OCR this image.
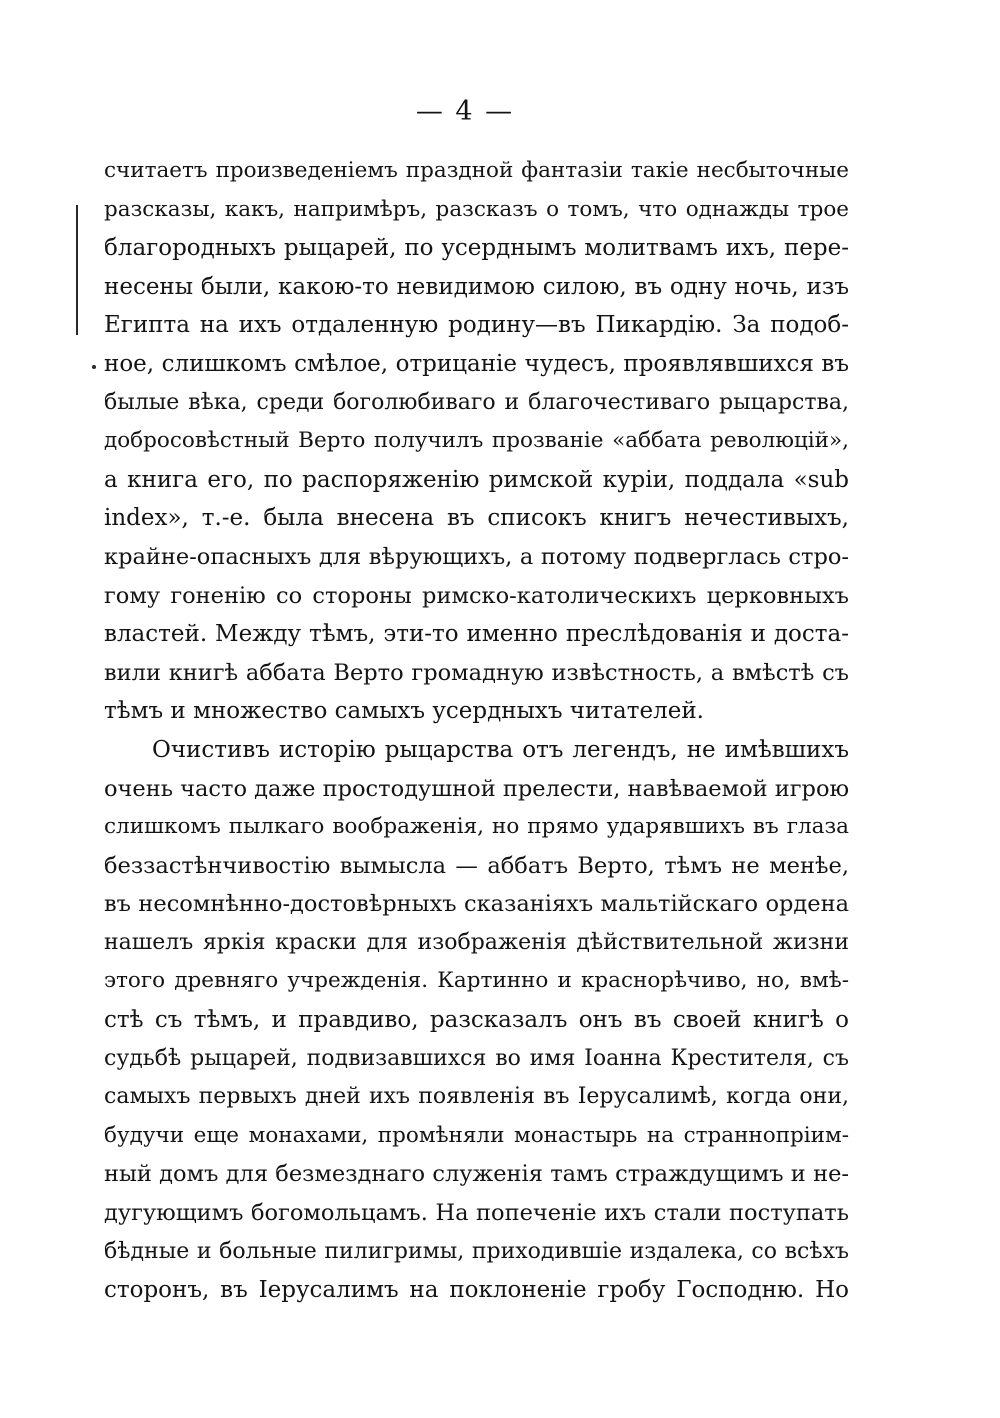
— 4 —
считаетъ произведеніемъ праздной фантазіи такіе несбыточные
разсказы, какъ, напримѣръ, разсказъ о томъ, что однажды трое
благородныхъ рыцарей, по усерднымъ молитвамъ ихъ, пере-
несены были, какою-то невидимою силою, въ одну ночь, изъ
Египта на ихъ отдаленную родину—въ Пикардію. За подоб-
ное, слишкомъ смѣлое, отрицаніе чудесъ, проявлявшихся въ
былые вѣка, среди боголюбиваго и благочестиваго рыцарства,
добросовѣстный Верто получилъ прозваніе «аббата революцій»,
а книга его, по распоряженію римской куріи, поддала «sub
index», т.-е. была внесена въ списокъ книгъ нечестивыхъ,
крайне-опасныхъ для вѣрующихъ, а потому подверглась стро-
гому гоненію со стороны римско-католическихъ церковныхъ
властей. Между тѣмъ, эти-то именно преслѣдованія и доста-
вили книгѣ аббата Верто громадную извѣстность, а вмѣстѣ съ
тѣмъ и множество самыхъ усердныхъ читателей.
Очистивъ исторію рыцарства отъ легендъ, не имѣвшихъ
очень часто даже простодушной прелести, навѣваемой игрою
слишкомъ пылкаго воображенія, но прямо ударявшихъ въ глаза
беззастѣнчивостію вымысла — аббатъ Верто, тѣмъ не менѣе,
въ несомнѣнно-достовѣрныхъ сказаніяхъ мальтійскаго ордена
нашелъ яркія краски для изображенія дѣйствительной жизни
этого древняго учрежденія. Картинно и краснорѣчиво, но, вмѣ-
стѣ съ тѣмъ, и правдиво, разсказалъ онъ въ своей книгѣ о
судьбѣ рыцарей, подвизавшихся во имя Іоанна Крестителя, съ
самыхъ первыхъ дней ихъ появленія въ Іерусалимѣ, когда они,
будучи еще монахами, промѣняли монастырь на страннопріим-
ный домъ для безмезднаго служенія тамъ страждущимъ и не-
дугующимъ богомольцамъ. На попеченіе ихъ стали поступать
бѣдные и больные пилигримы, приходившіе издалека, со всѣхъ
сторонъ, въ Іерусалимъ на поклоненіе гробу Господню. Но
